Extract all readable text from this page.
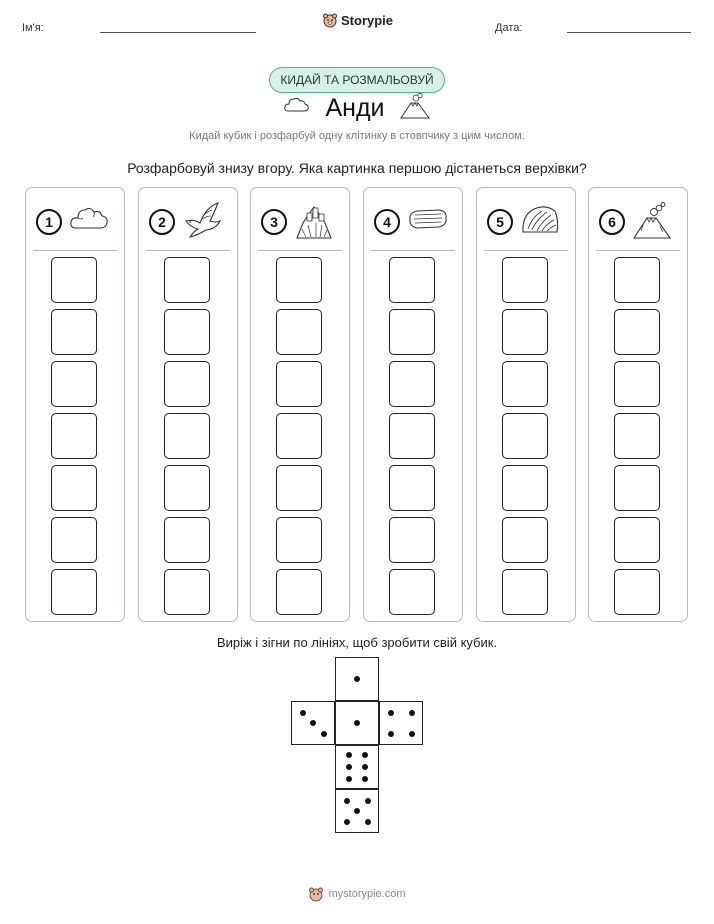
Ім'я:
Storypie
Дата:
КИДАЙ ТА РОЗМАЛЬОВУЙ
Анди
Кидай кубик і розфарбуй одну клітинку в стовпчику з цим числом.
Розфарбовуй знизу вгору. Яка картинка першою дістанеться верхівки?
1	2	3	4	5	6
Виріж і зігни по лініях, щоб зробити свій кубик.
mystorypie.com
